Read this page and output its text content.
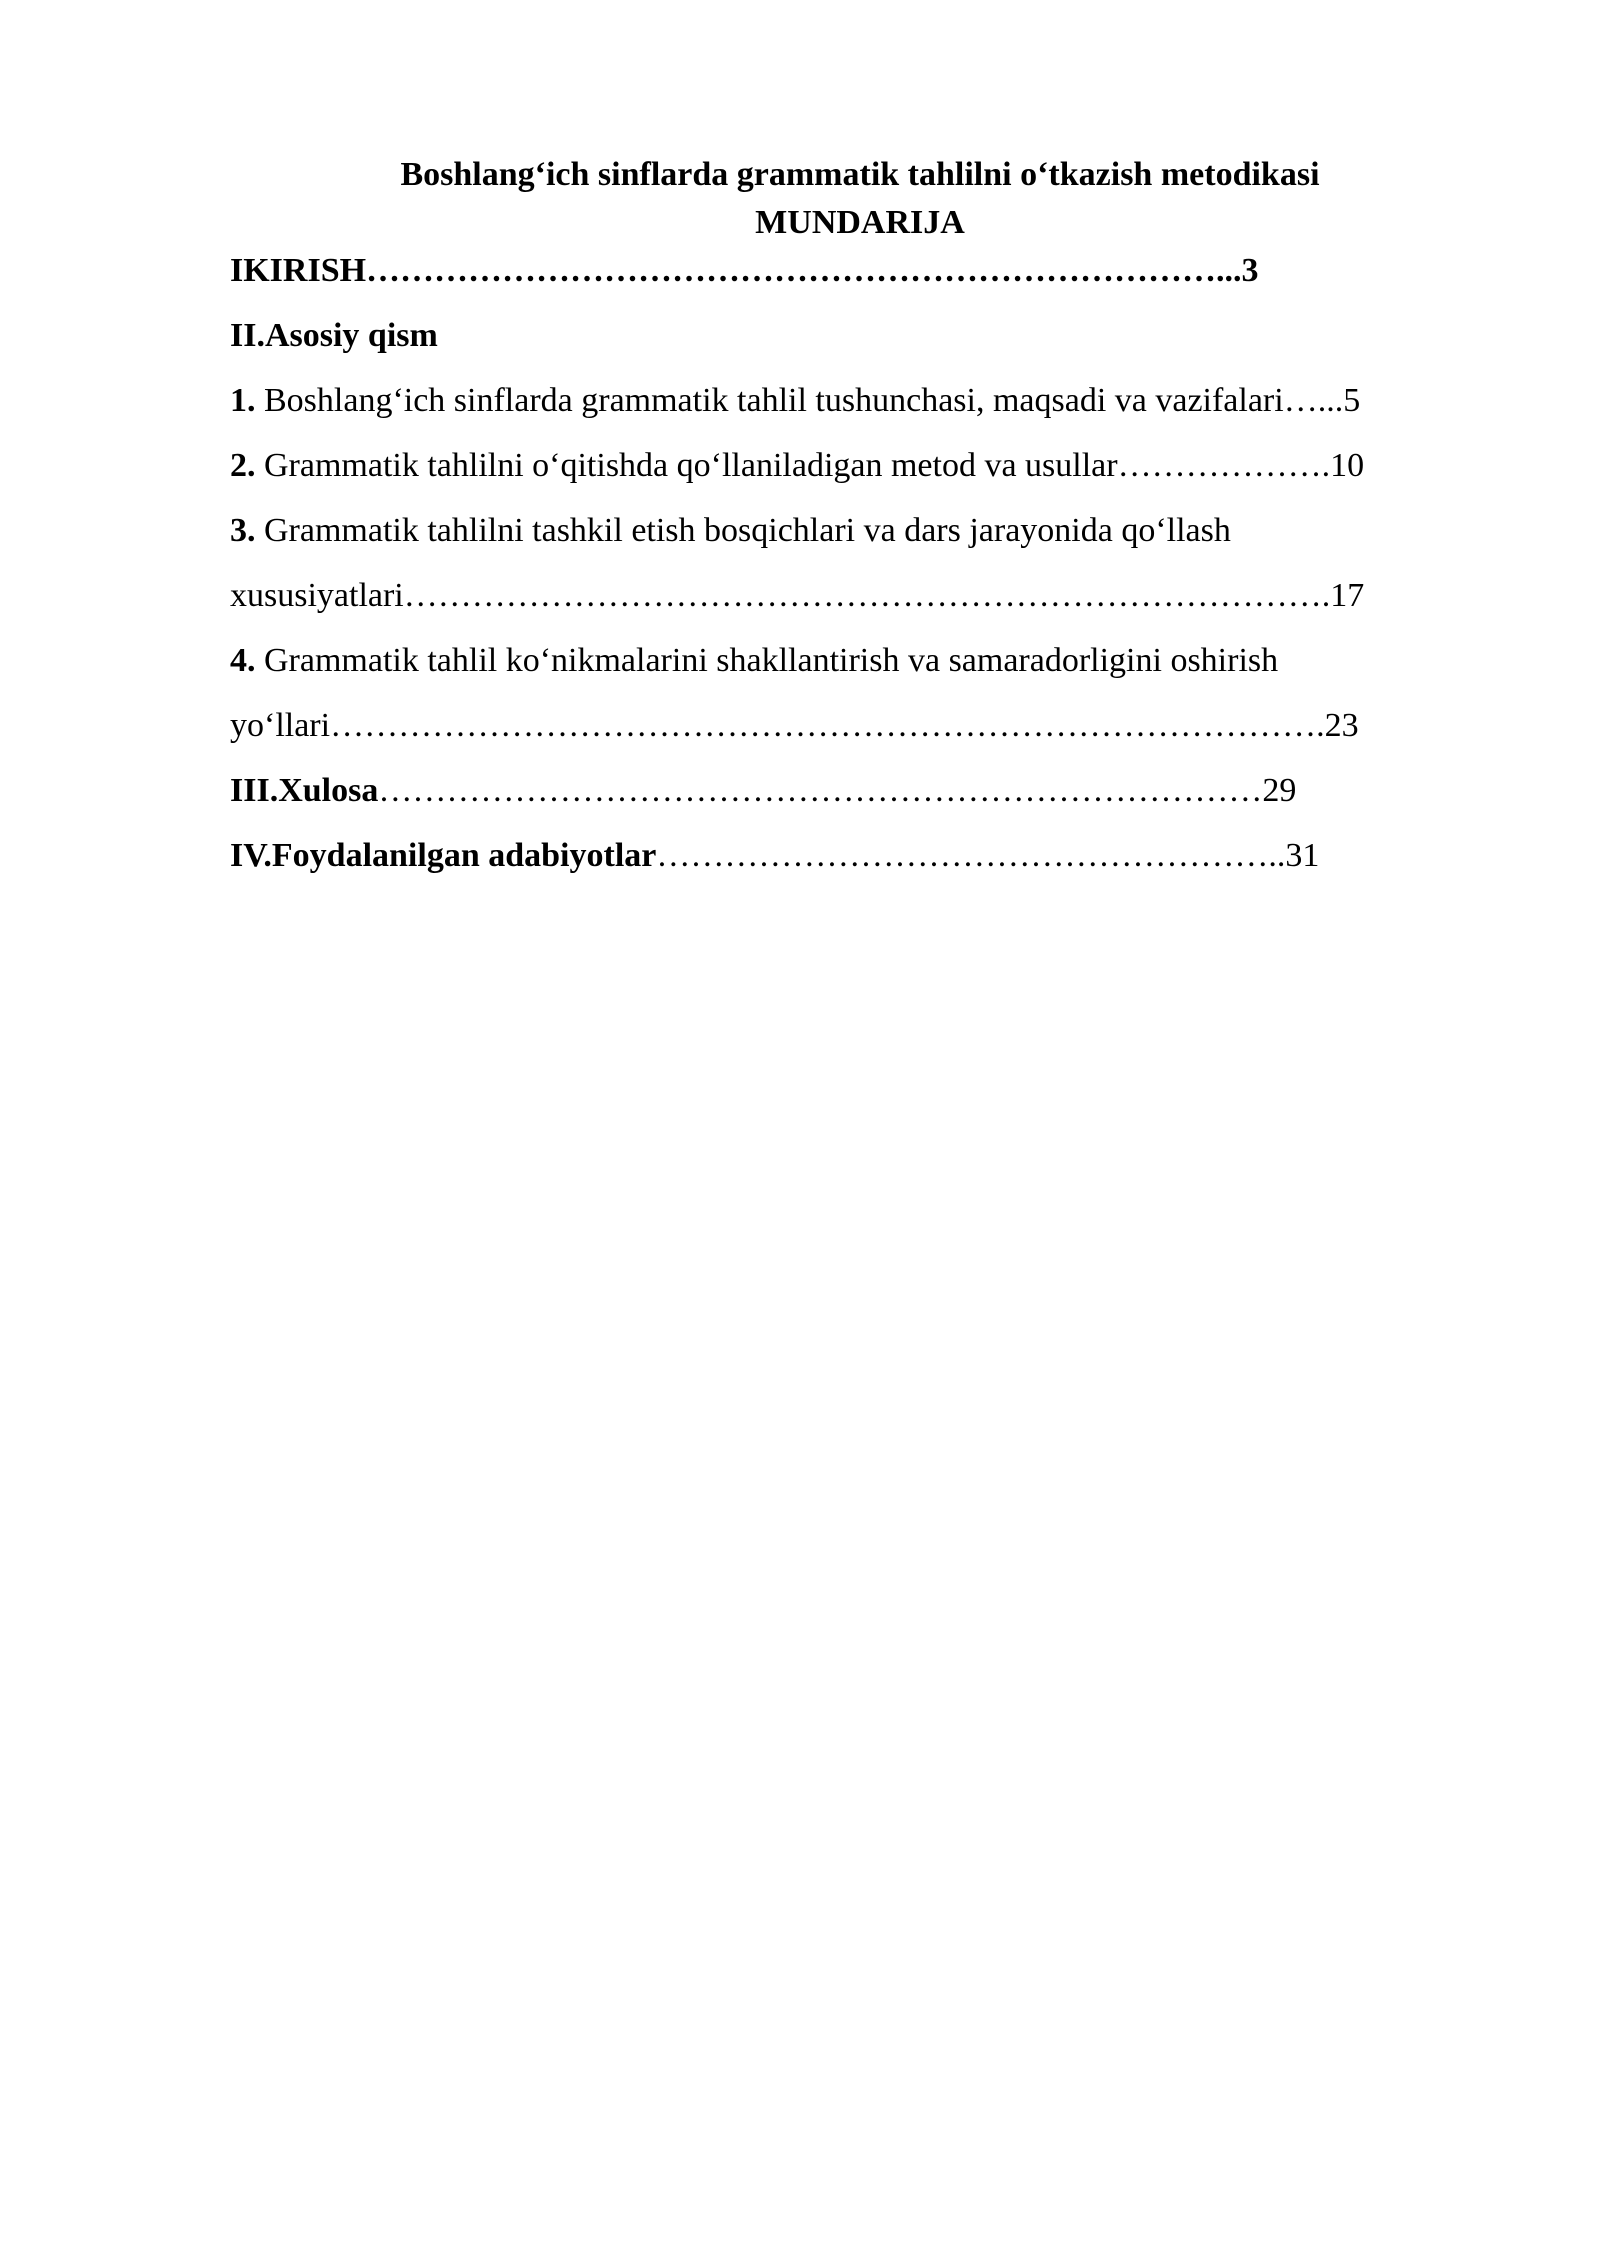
Boshlang‘ich sinflarda grammatik tahlilni o‘tkazish metodikasi
MUNDARIJA
IKIRISH…………………………………………………………………...3
II.Asosiy qism
1. Boshlang‘ich sinflarda grammatik tahlil tushunchasi, maqsadi va vazifalari…...5
2. Grammatik tahlilni o‘qitishda qo‘llaniladigan metod va usullar……………….10
3. Grammatik tahlilni tashkil etish bosqichlari va dars jarayonida qo‘llash
xususiyatlari……………………………………………………………………….17
4. Grammatik tahlil ko‘nikmalarini shakllantirish va samaradorligini oshirish
yo‘llari…………………………………………………………………………….23
III.Xulosa……………………………………………………………………29
IV.Foydalanilgan adabiyotlar………………………………………………..31
